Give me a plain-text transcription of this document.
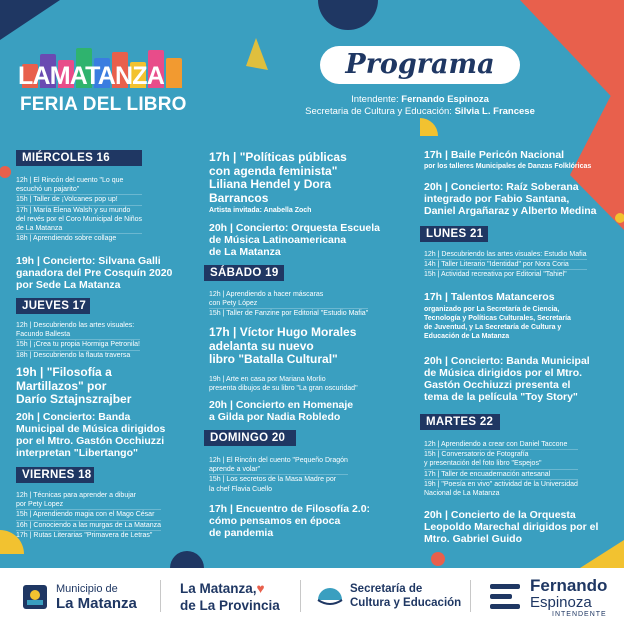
LAMATANZA
FERIA DEL LIBRO
Programa
Intendente: Fernando Espinoza
Secretaria de Cultura y Educación: Silvia L. Francese
MIÉRCOLES 16
12h | El Rincón del cuento "Lo que

escuchó un pajarito"
15h | Taller de ¡Volcanes pop up!
17h | María Elena Walsh y su mundo
del revés por el Coro Municipal de Niños

de La Matanza
18h | Aprendiendo sobre collage
19h | Concierto: Silvana Galli
ganadora del Pre Cosquín 2020
por Sede La Matanza
JUEVES 17
12h | Descubriendo las artes visuales:

Facundo Ballesta
15h | ¡Crea tu propia Hormiga Petronila!
18h | Descubriendo la flauta traversa
19h | "Filosofía a
Martillazos" por
Darío Sztajnszrajber
20h | Concierto: Banda
Municipal de Música dirigidos
por el Mtro. Gastón Occhiuzzi
interpretan "Libertango"
VIERNES 18
12h | Técnicas para aprender a dibujar

por Pety Lopez
15h | Aprendiendo magia con el Mago César
16h | Conociendo a las murgas de La Matanza
17h | Rutas Literarias "Primavera de Letras"
17h | "Políticas públicas
con agenda feminista"
Liliana Hendel y Dora
Barrancos
Artista invitada: Anabella Zoch
20h | Concierto: Orquesta Escuela
de Música Latinoamericana
de La Matanza
SÁBADO 19
12h | Aprendiendo a hacer máscaras

con Pety López
15h | Taller de Fanzine por Editorial "Estudio Mafia"
17h | Víctor Hugo Morales
adelanta su nuevo
libro "Batalla Cultural"
19h | Arte en casa por Mariana Morlio
presenta dibujos de su libro "La gran oscuridad"
20h | Concierto en Homenaje
a Gilda por Nadia Robledo
DOMINGO 20
12h | El Rincón del cuento "Pequeño Dragón

aprende a volar"
15h | Los secretos de la Masa Madre por
la chef Flavia Cuello
17h | Encuentro de Filosofía 2.0:
cómo pensamos en época
de pandemia
17h | Baile Pericón Nacional
por los talleres Municipales de Danzas Folklóricas
20h | Concierto: Raíz Soberana
integrado por Fabio Santana,
Daniel Argañaraz y Alberto Medina
LUNES 21
12h | Descubriendo las artes visuales: Estudio Mafia
14h | Taller Literario "Identidad" por Nora Coria
15h | Actividad recreativa por Editorial "Tahiel"
17h | Talentos Matanceros
organizado por La Secretaría de Ciencia,
Tecnología y Políticas Culturales, Secretaría
de Juventud, y La Secretaría de Cultura y
Educación de La Matanza
20h | Concierto: Banda Municipal
de Música dirigidos por el Mtro.
Gastón Occhiuzzi presenta el
tema de la película "Toy Story"
MARTES 22
12h | Aprendiendo a crear con Daniel Taccone
15h | Conversatorio de Fotografía

y presentación del foto libro "Espejos"
17h | Taller de encuadernación artesanal
19h | "Poesía en vivo" actividad de la Universidad
Nacional de La Matanza
20h | Concierto de la Orquesta
Leopoldo Marechal dirigidos por el
Mtro. Gabriel Guido
Municipio de
La Matanza
La Matanza,♥
de La Provincia
Secretaría de
Cultura y Educación
Fernando
Espinoza
INTENDENTE
